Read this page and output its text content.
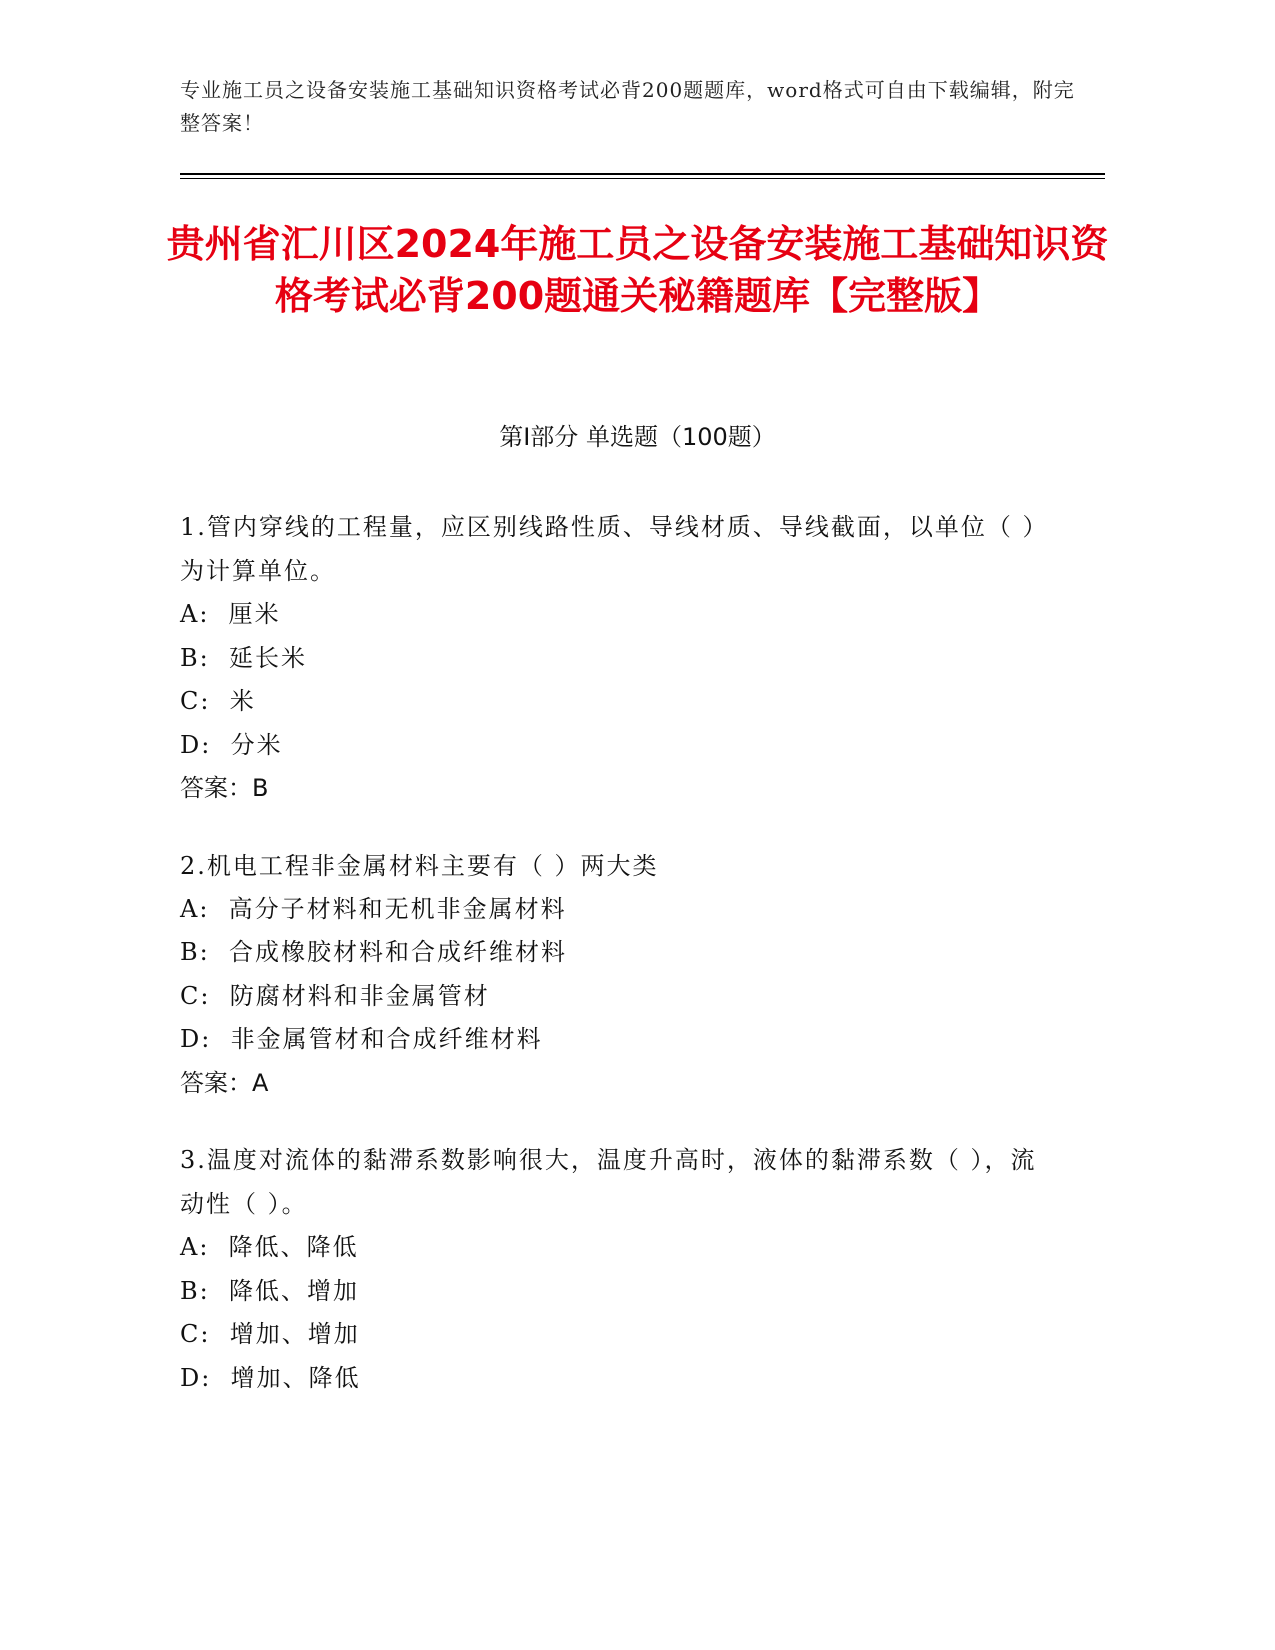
专业施工员之设备安装施工基础知识资格考试必背200题题库，word格式可自由下载编辑，附完整答案！
贵州省汇川区2024年施工员之设备安装施工基础知识资格考试必背200题通关秘籍题库【完整版】
第I部分 单选题（100题）
1.管内穿线的工程量，应区别线路性质、导线材质、导线截面，以单位（ ）为计算单位。
A:  厘米
B:  延长米
C:  米
D:  分米
答案：B
2.机电工程非金属材料主要有（ ）两大类
A:  高分子材料和无机非金属材料
B:  合成橡胶材料和合成纤维材料
C:  防腐材料和非金属管材
D:  非金属管材和合成纤维材料
答案：A
3.温度对流体的黏滞系数影响很大，温度升高时，液体的黏滞系数（ ），流动性（ ）。
A:  降低、降低
B:  降低、增加
C:  增加、增加
D:  增加、降低
